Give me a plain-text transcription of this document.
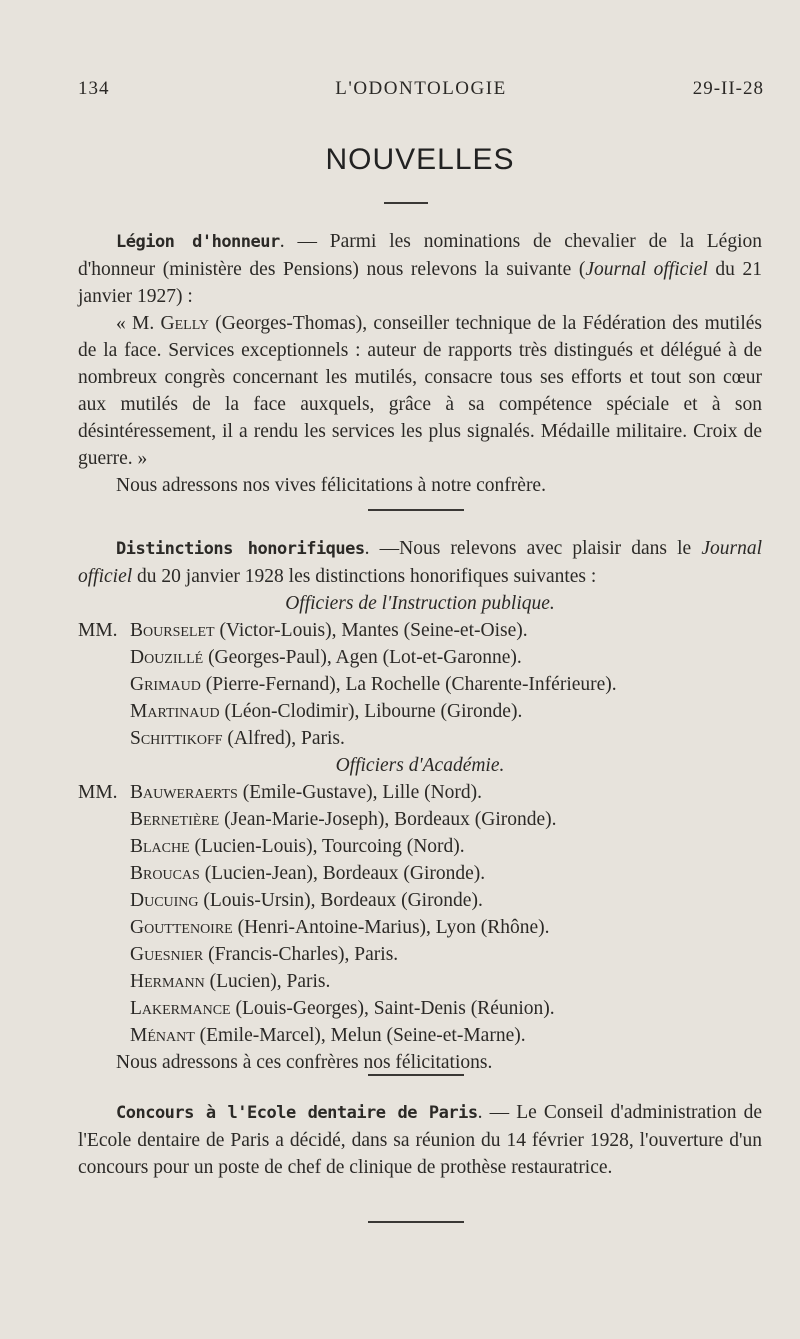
134	L'ODONTOLOGIE	29-II-28
NOUVELLES

Légion d'honneur. — Parmi les nominations de chevalier de la Légion d'honneur (ministère des Pensions) nous relevons la suivante (Journal officiel du 21 janvier 1927) :

« M. Gelly (Georges-Thomas), conseiller technique de la Fédération des mutilés de la face. Services exceptionnels : auteur de rapports très distingués et délégué à de nombreux congrès concernant les mutilés, consacre tous ses efforts et tout son cœur aux mutilés de la face auxquels, grâce à sa compétence spéciale et à son désintéressement, il a rendu les services les plus signalés. Médaille militaire. Croix de guerre. »

Nous adressons nos vives félicitations à notre confrère.

Distinctions honorifiques. —Nous relevons avec plaisir dans le Journal officiel du 20 janvier 1928 les distinctions honorifiques suivantes :

Officiers de l'Instruction publique.

MM. Bourselet (Victor-Louis), Mantes (Seine-et-Oise).
Douzillé (Georges-Paul), Agen (Lot-et-Garonne).
Grimaud (Pierre-Fernand), La Rochelle (Charente-Inférieure).
Martinaud (Léon-Clodimir), Libourne (Gironde).
Schittikoff (Alfred), Paris.

Officiers d'Académie.

MM. Bauweraerts (Emile-Gustave), Lille (Nord).
Bernetière (Jean-Marie-Joseph), Bordeaux (Gironde).
Blache (Lucien-Louis), Tourcoing (Nord).
Broucas (Lucien-Jean), Bordeaux (Gironde).
Ducuing (Louis-Ursin), Bordeaux (Gironde).
Gouttenoire (Henri-Antoine-Marius), Lyon (Rhône).
Guesnier (Francis-Charles), Paris.
Hermann (Lucien), Paris.
Lakermance (Louis-Georges), Saint-Denis (Réunion).
Ménant (Emile-Marcel), Melun (Seine-et-Marne).

Nous adressons à ces confrères nos félicitations.

Concours à l'Ecole dentaire de Paris. — Le Conseil d'administration de l'Ecole dentaire de Paris a décidé, dans sa réunion du 14 février 1928, l'ouverture d'un concours pour un poste de chef de clinique de prothèse restauratrice.
